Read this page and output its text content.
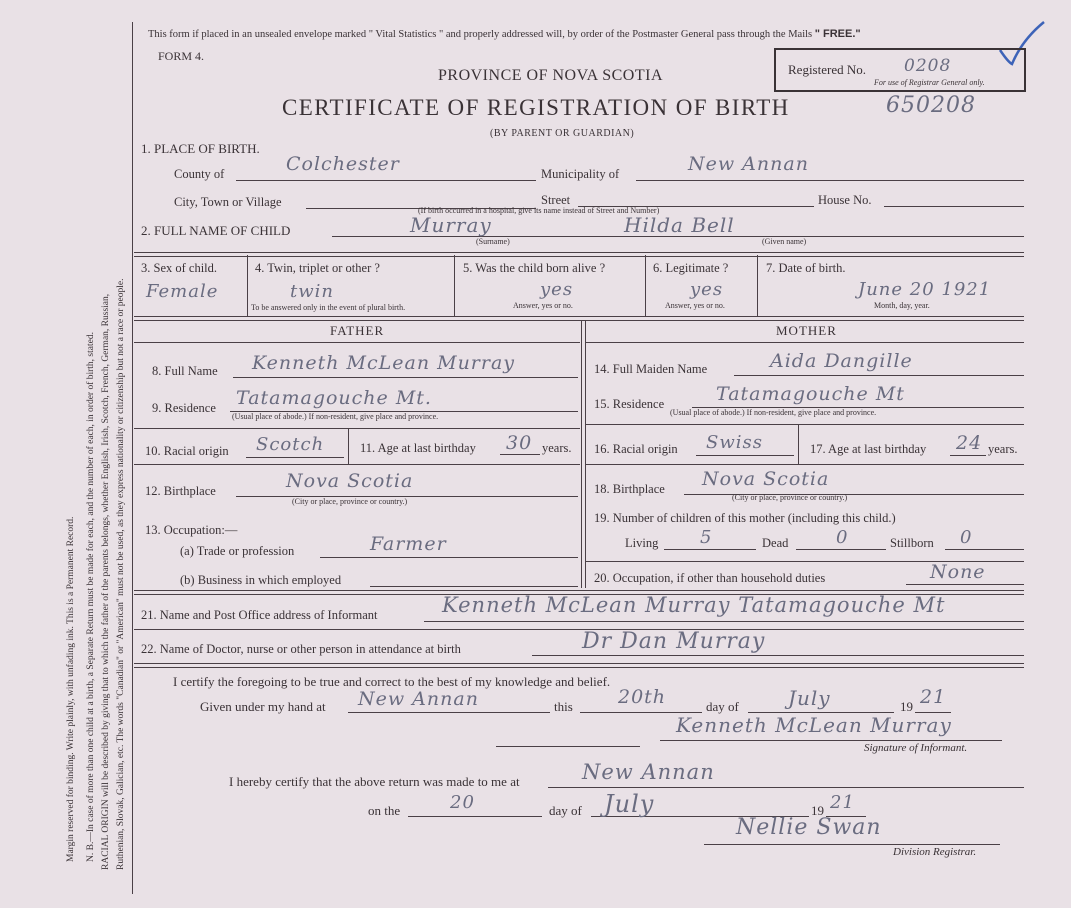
Margin reserved for binding. Write plainly, with unfading ink. This is a Permanent Record. N. B.—In case of more than one child at a birth, a Separate Return must be made for each, and the number of each, in order of birth, stated. RACIAL ORIGIN will be described by giving that to which the father of the parents belongs, whether English, Irish, Scotch, French, German, Russian, Ruthenian, Slovak, Galician, etc. The words "Canadian" or "American" must not be used, as they express nationality or citizenship but not a race or people.
This form if placed in an unsealed envelope marked " Vital Statistics " and properly addressed will, by order of the Postmaster General pass through the Mails " FREE."
FORM 4.
PROVINCE OF NOVA SCOTIA
CERTIFICATE OF REGISTRATION OF BIRTH	650208
(BY PARENT OR GUARDIAN)
Registered No. 0208
For use of Registrar General only.
1. PLACE OF BIRTH.
County of	Colchester	Municipality of	New Annan
City, Town or Village	Street	House No.
(If birth occurred in a hospital, give its name instead of Street and Number)
2. FULL NAME OF CHILD	Murray	Hilda Bell
(Surname)	(Given name)
3. Sex of child.
Female
4. Twin, triplet or other ?
twin
To be answered only in the event of plural birth.
5. Was the child born alive ?
yes
Answer, yes or no.
6. Legitimate ?
yes
Answer, yes or no.
7. Date of birth.
June 20 1921
Month, day, year.
FATHER
8. Full Name Kenneth McLean Murray
9. Residence Tatamagouche Mt.
(Usual place of abode.) If non-resident, give place and province.
10. Racial origin Scotch	11. Age at last birthday 30 years.
12. Birthplace	Nova Scotia
(City or place, province or country.)
13. Occupation:—
(a) Trade or profession	Farmer
(b) Business in which employed
MOTHER
14. Full Maiden Name	Aida Dangille
15. Residence	Tatamagouche Mt
(Usual place of abode.) If non-resident, give place and province.
16. Racial origin Swiss	17. Age at last birthday 24 years.
18. Birthplace Nova Scotia
(City or place, province or country.)
19. Number of children of this mother (including this child.)
Living 5	Dead	0	Stillborn 0
20. Occupation, if other than household duties	None
21. Name and Post Office address of Informant	Kenneth McLean Murray Tatamagouche Mt
22. Name of Doctor, nurse or other person in attendance at birth	Dr Dan Murray
I certify the foregoing to be true and correct to the best of my knowledge and belief.
Given under my hand at New Annan	this 20th	day of July	19 21
Kenneth McLean Murray
Signature of Informant.
I hereby certify that the above return was made to me at	New Annan
on the	20	day of July	19 21
Nellie Swan
Division Registrar.
